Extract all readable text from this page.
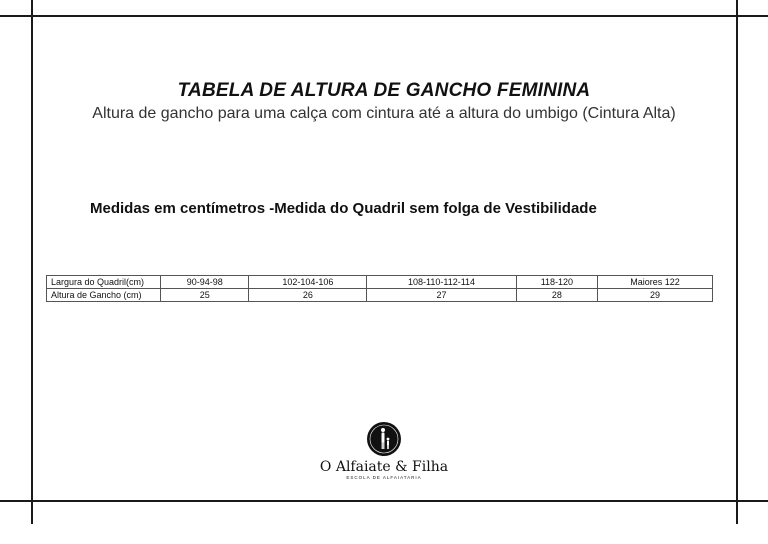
TABELA DE ALTURA DE GANCHO FEMININA
Altura de gancho para uma calça com cintura até a altura do umbigo (Cintura Alta)
Medidas em centímetros -Medida do Quadril sem folga de Vestibilidade
Largura do Quadril(cm)	90-94-98	102-104-106	108-110-112-114	118-120	Maiores 122
Altura de Gancho (cm)	25	26	27	28	29
O Alfaiate & Filha
ESCOLA DE ALFAIATARIA
